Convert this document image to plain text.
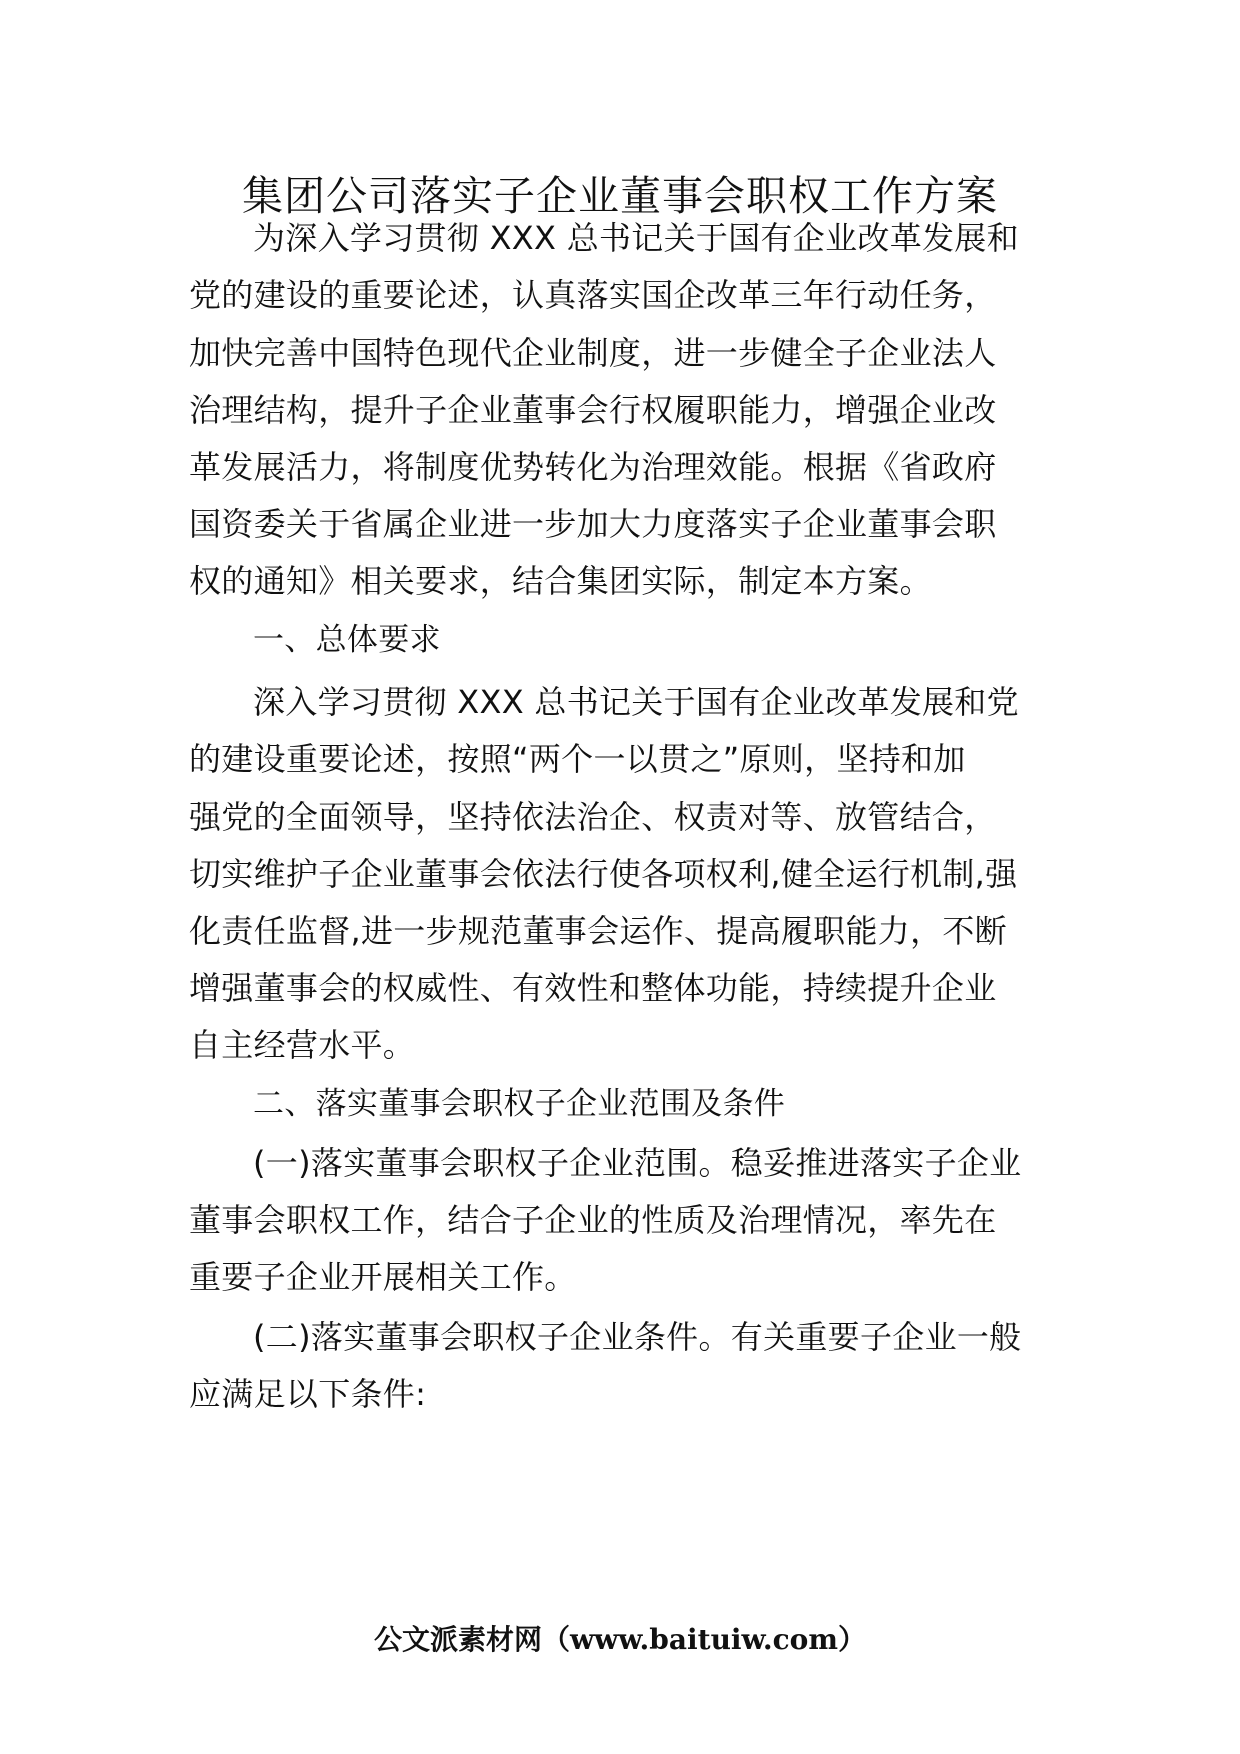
集团公司落实子企业董事会职权工作方案
为深入学习贯彻 XXX 总书记关于国有企业改革发展和
党的建设的重要论述，认真落实国企改革三年行动任务，
加快完善中国特色现代企业制度，进一步健全子企业法人
治理结构，提升子企业董事会行权履职能力，增强企业改
革发展活力，将制度优势转化为治理效能。根据《省政府
国资委关于省属企业进一步加大力度落实子企业董事会职
权的通知》相关要求，结合集团实际，制定本方案。
一、总体要求
深入学习贯彻 XXX 总书记关于国有企业改革发展和党
的建设重要论述，按照“两个一以贯之”原则，坚持和加
强党的全面领导，坚持依法治企、权责对等、放管结合，
切实维护子企业董事会依法行使各项权利,健全运行机制,强
化责任监督,进一步规范董事会运作、提高履职能力，不断
增强董事会的权威性、有效性和整体功能，持续提升企业
自主经营水平。
二、落实董事会职权子企业范围及条件
(一)落实董事会职权子企业范围。稳妥推进落实子企业
董事会职权工作，结合子企业的性质及治理情况，率先在
重要子企业开展相关工作。
(二)落实董事会职权子企业条件。有关重要子企业一般
应满足以下条件:
公文派素材网（www.baituiw.com）
